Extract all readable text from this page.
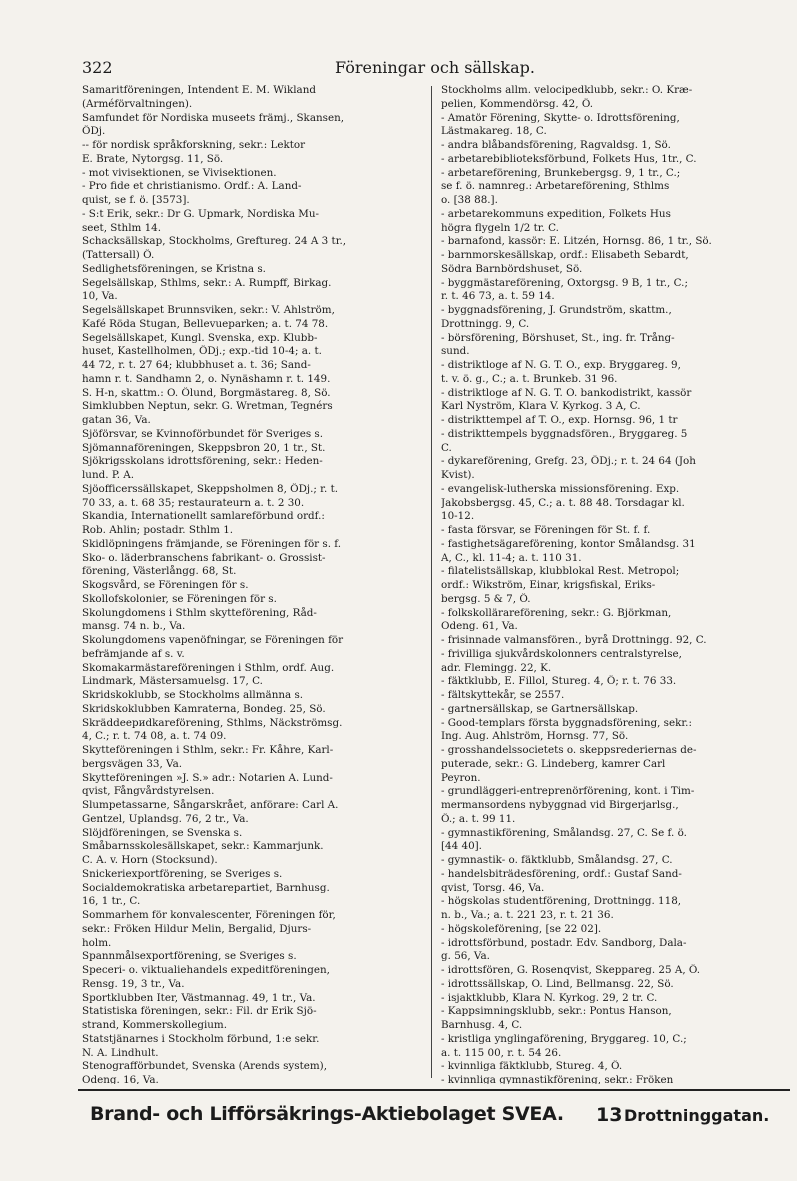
322	Föreningar och sällskap.
Samaritföreningen, Intendent E. M. Wikland
(Arméförvaltningen).
Samfundet för Nordiska museets främj., Skansen,
ÖDj.
-- för nordisk språkforskning, sekr.: Lektor
E. Brate, Nytorgsg. 11, Sö.
- mot vivisektionen, se Vivisektionen.
- Pro fide et christianismo. Ordf.: A. Land-
quist, se f. ö. [3573].
- S:t Erik, sekr.: Dr G. Upmark, Nordiska Mu-
seet, Sthlm 14.
Schacksällskap, Stockholms, Greftureg. 24 A 3 tr.,
(Tattersall) Ö.
Sedlighetsföreningen, se Kristna s.
Segelsällskap, Sthlms, sekr.: A. Rumpff, Birkag.
10, Va.
Segelsällskapet Brunnsviken, sekr.: V. Ahlström,
Kafé Röda Stugan, Bellevueparken; a. t. 74 78.
Segelsällskapet, Kungl. Svenska, exp. Klubb-
huset, Kastellholmen, ÖDj.; exp.-tid 10-4; a. t.
44 72, r. t. 27 64; klubbhuset a. t. 36; Sand-
hamn r. t. Sandhamn 2, o. Nynäshamn r. t. 149.
S. H-n, skattm.: O. Ölund, Borgmästareg. 8, Sö.
Simklubben Neptun, sekr. G. Wretman, Tegnérs
gatan 36, Va.
Sjöförsvar, se Kvinnoförbundet för Sveriges s.
Sjömannaföreningen, Skeppsbron 20, 1 tr., St.
Sjökrigsskolans idrottsförening, sekr.: Heden-
lund. P. A.
Sjöofficerssällskapet, Skeppsholmen 8, ÖDj.; r. t.
70 33, a. t. 68 35; restaurateurn a. t. 2 30.
Skandia, Internationellt samlareförbund ordf.:
Rob. Ahlin; postadr. Sthlm 1.
Skidlöpningens främjande, se Föreningen för s. f.
Sko- o. läderbranschens fabrikant- o. Grossist-
förening, Västerlångg. 68, St.
Skogsvård, se Föreningen för s.
Skollofskolonier, se Föreningen för s.
Skolungdomens i Sthlm skytteförening, Råd-
mansg. 74 n. b., Va.
Skolungdomens vapenöfningar, se Föreningen för
befrämjande af s. v.
Skomakarmästareföreningen i Sthlm, ordf. Aug.
Lindmark, Mästersamuelsg. 17, C.
Skridskoklubb, se Stockholms allmänna s.
Skridskoklubben Kamraterna, Bondeg. 25, Sö.
Skräddeериdkareförening, Sthlms, Näckströmsg.
4, C.; r. t. 74 08, a. t. 74 09.
Skytteföreningen i Sthlm, sekr.: Fr. Kåhre, Karl-
bergsvägen 33, Va.
Skytteföreningen »J. S.» adr.: Notarien A. Lund-
qvist, Fångvårdstyrelsen.
Slumpetassarne, Sångarskrået, anförare: Carl A.
Gentzel, Uplandsg. 76, 2 tr., Va.
Slöjdföreningen, se Svenska s.
Småbarnsskolesällskapet, sekr.: Kammarjunk.
C. A. v. Horn (Stocksund).
Snickeriexportförening, se Sveriges s.
Socialdemokratiska arbetarepartiet, Barnhusg.
16, 1 tr., C.
Sommarhem för konvalescenter, Föreningen för,
sekr.: Fröken Hildur Melin, Bergalid, Djurs-
holm.
Spannmålsexportförening, se Sveriges s.
Speceri- o. viktualiehandels expeditföreningen,
Rensg. 19, 3 tr., Va.
Sportklubben Iter, Västmannag. 49, 1 tr., Va.
Statistiska föreningen, sekr.: Fil. dr Erik Sjö-
strand, Kommerskollegium.
Statstjänarnes i Stockholm förbund, 1:e sekr.
N. A. Lindhult.
Stenografförbundet, Svenska (Arends system),
Odeng. 16, Va.
Stockholms allm. velocipedklubb, sekr.: O. Kræ-
pelien, Kommendörsg. 42, Ö.
- Amatör Förening, Skytte- o. Idrottsförening,
Lästmakareg. 18, C.
- andra blåbandsförening, Ragvaldsg. 1, Sö.
- arbetarebiblioteksförbund, Folkets Hus, 1tr., C.
- arbetareförening, Brunkebergsg. 9, 1 tr., C.;
se f. ö. namnreg.: Arbetareförening, Sthlms
o. [38 88.].
- arbetarekommuns expedition, Folkets Hus
högra flygeln 1/2 tr. C.
- barnafond, kassör: E. Litzén, Hornsg. 86, 1 tr., Sö.
- barnmorskesällskap, ordf.: Elisabeth Sebardt,
Södra Barnbördshuset, Sö.
- byggmästareförening, Oxtorgsg. 9 B, 1 tr., C.;
r. t. 46 73, a. t. 59 14.
- byggnadsförening, J. Grundström, skattm.,
Drottningg. 9, C.
- börsförening, Börshuset, St., ing. fr. Trång-
sund.
- distriktloge af N. G. T. O., exp. Bryggareg. 9,
t. v. ö. g., C.; a. t. Brunkeb. 31 96.
- distriktloge af N. G. T. O. bankodistrikt, kassör
Karl Nyström, Klara V. Kyrkog. 3 A, C.
- distrikttempel af T. O., exp. Hornsg. 96, 1 tr
- distrikttempels byggnadsfören., Bryggareg. 5
C.
- dykareförening, Grefg. 23, ÖDj.; r. t. 24 64 (Joh
Kvist).
- evangelisk-lutherska missionsförening. Exp.
Jakobsbergsg. 45, C.; a. t. 88 48. Torsdagar kl.
10-12.
- fasta försvar, se Föreningen för St. f. f.
- fastighetsägareförening, kontor Smålandsg. 31
A, C., kl. 11-4; a. t. 110 31.
- filatelistsällskap, klubblokal Rest. Metropol;
ordf.: Wikström, Einar, krigsfiskal, Eriks-
bergsg. 5 & 7, Ö.
- folkskollärareförening, sekr.: G. Björkman,
Odeng. 61, Va.
- frisinnade valmansfören., byrå Drottningg. 92, C.
- frivilliga sjukvårdskolonners centralstyrelse,
adr. Flemingg. 22, K.
- fäktklubb, E. Fillol, Stureg. 4, Ö; r. t. 76 33.
- fältskyttekår, se 2557.
- gartnersällskap, se Gartnersällskap.
- Good-templars första byggnadsförening, sekr.:
Ing. Aug. Ahlström, Hornsg. 77, Sö.
- grosshandelssocietets o. skeppsrederiernas de-
puterade, sekr.: G. Lindeberg, kamrer Carl
Peyron.
- grundläggeri-entreprenörförening, kont. i Tim-
mermansordens nybyggnad vid Birgerjarlsg.,
Ö.; a. t. 99 11.
- gymnastikförening, Smålandsg. 27, C. Se f. ö.
[44 40].
- gymnastik- o. fäktklubb, Smålandsg. 27, C.
- handelsbiträdesförening, ordf.: Gustaf Sand-
qvist, Torsg. 46, Va.
- högskolas studentförening, Drottningg. 118,
n. b., Va.; a. t. 221 23, r. t. 21 36.
- högskoleförening, [se 22 02].
- idrottsförbund, postadr. Edv. Sandborg, Dala-
g. 56, Va.
- idrottsfören, G. Rosenqvist, Skeppareg. 25 A, Ö.
- idrottssällskap, O. Lind, Bellmansg. 22, Sö.
- isjaktklubb, Klara N. Kyrkog. 29, 2 tr. C.
- Kappsimningsklubb, sekr.: Pontus Hanson,
Barnhusg. 4, C.
- kristliga ynglingaförening, Bryggareg. 10, C.;
a. t. 115 00, r. t. 54 26.
- kvinnliga fäktklubb, Stureg. 4, Ö.
- kvinnliga gymnastikförening, sekr.: Fröken
Brand- och Lifförsäkrings-Aktiebolaget SVEA. 13 Drottninggatan.
